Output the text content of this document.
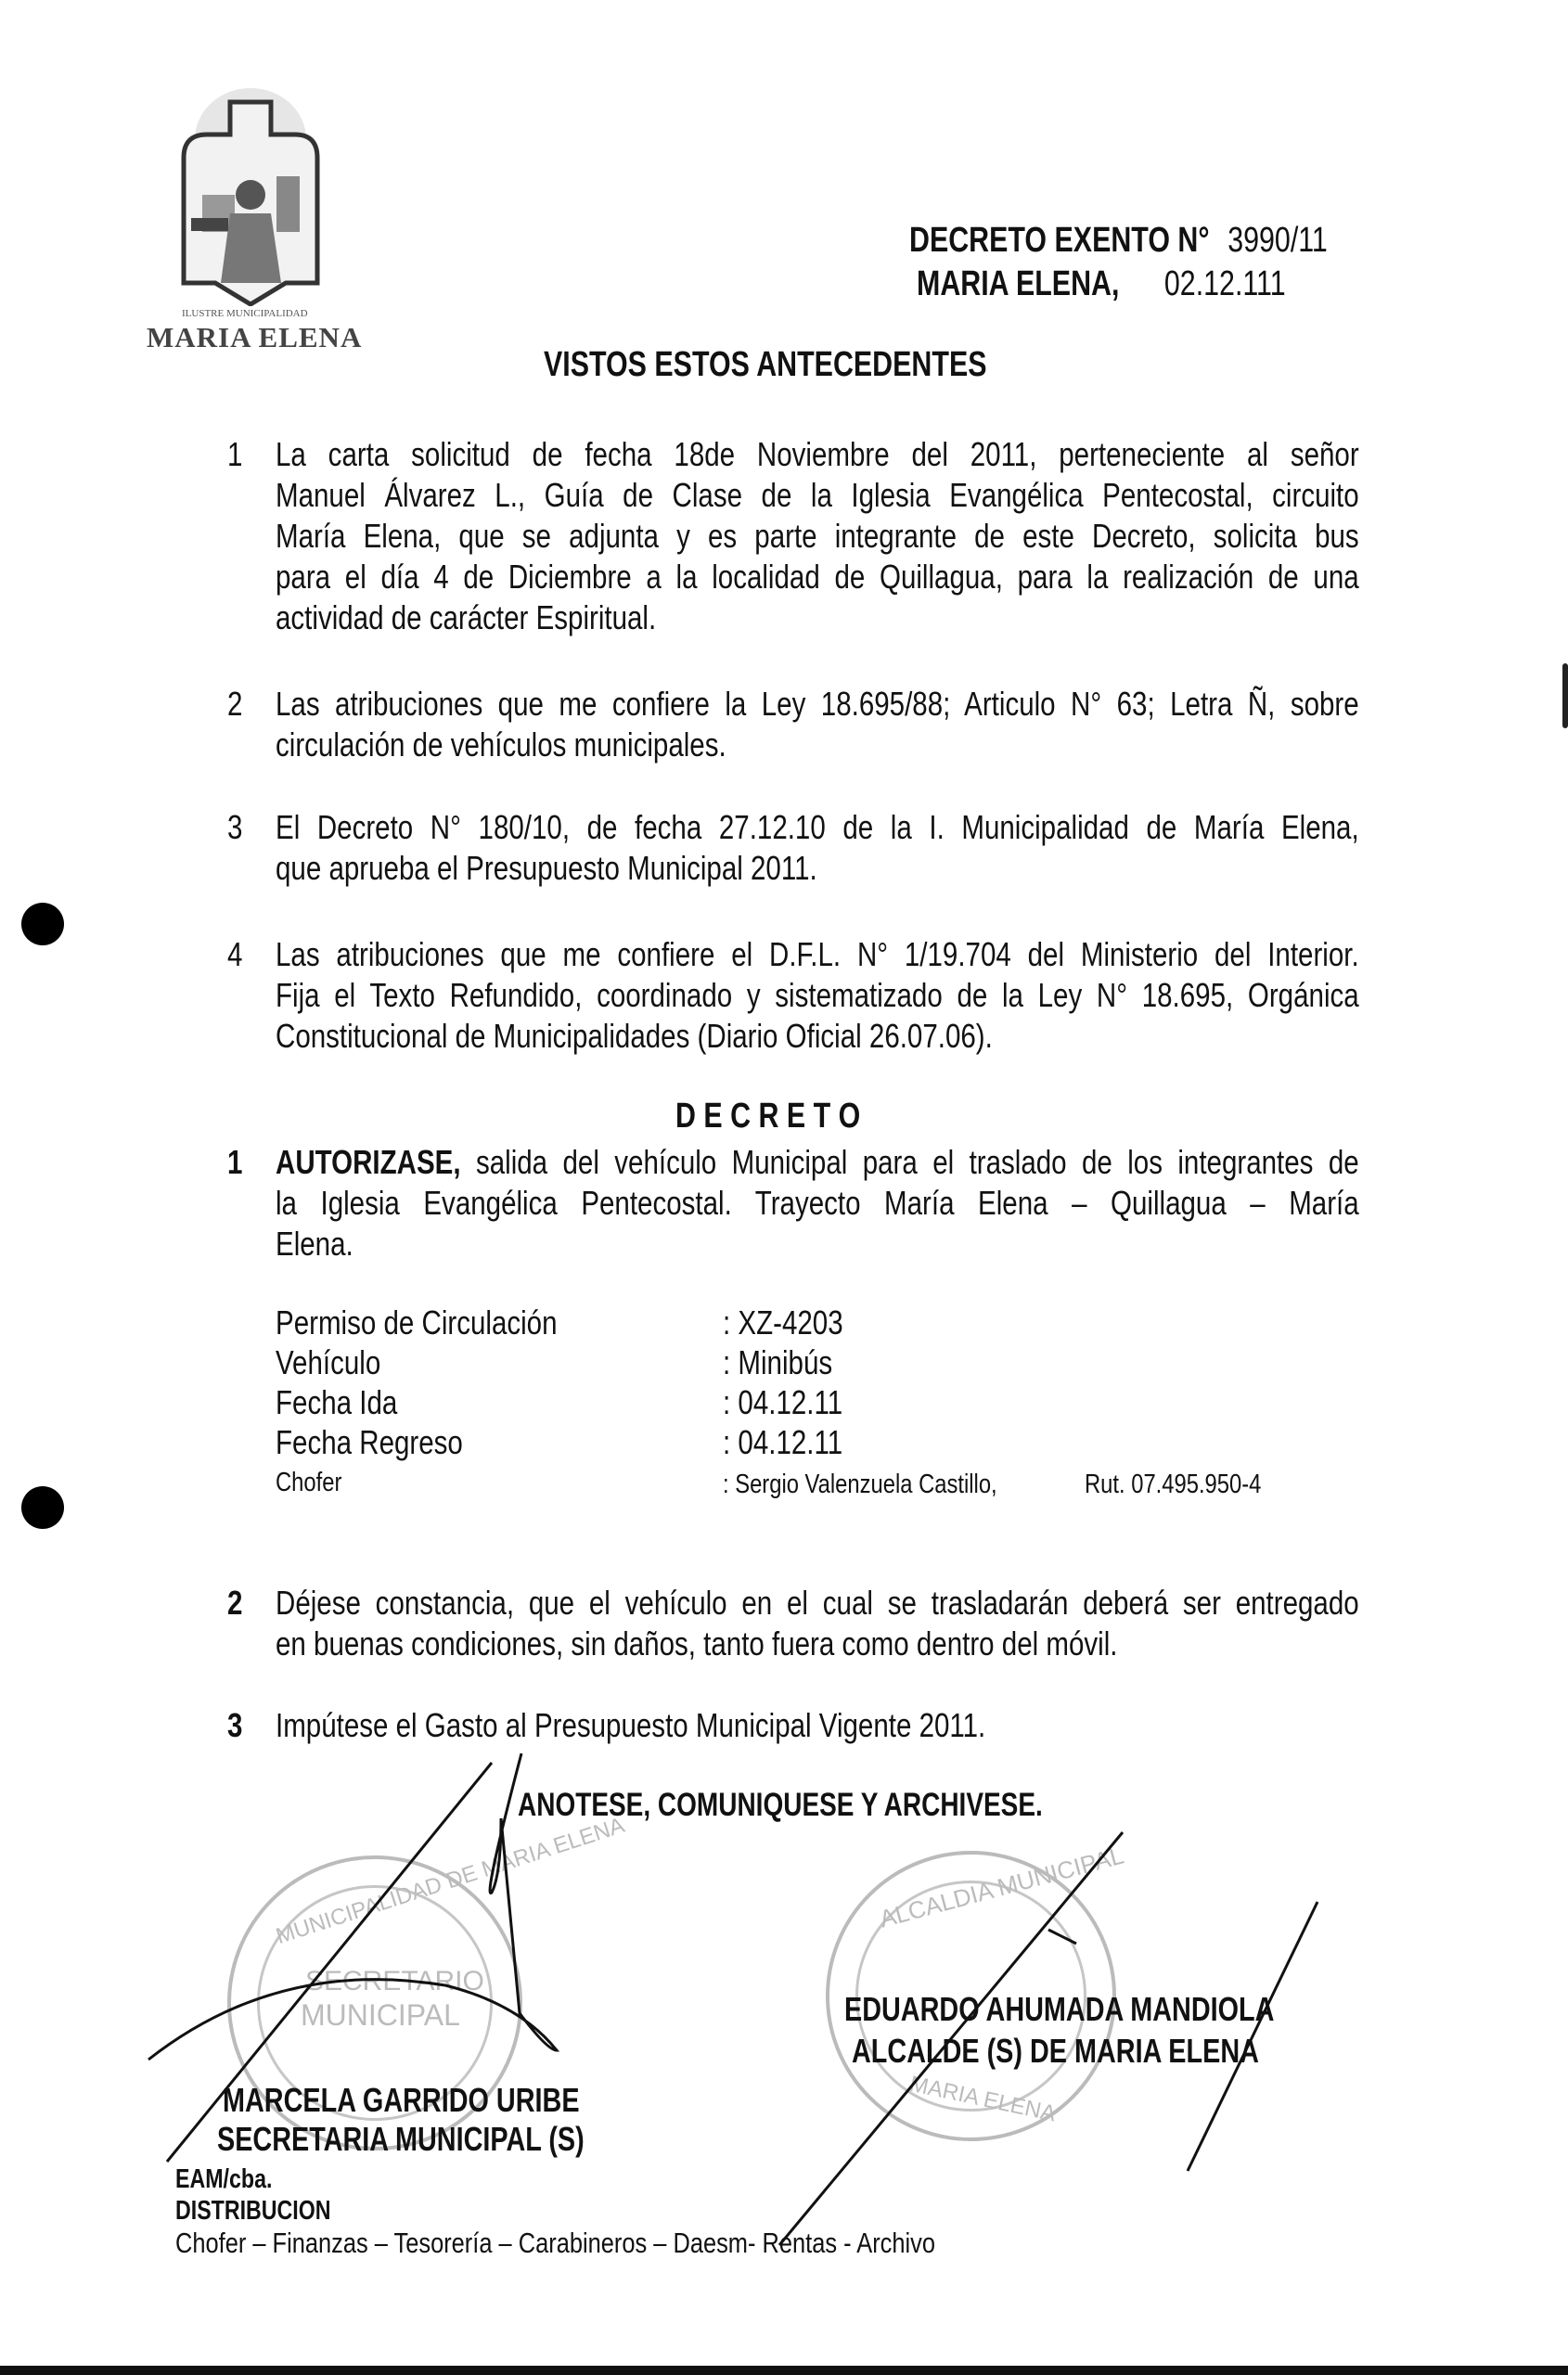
ILUSTRE MUNICIPALIDAD
MARIA ELENA
DECRETO EXENTO N° 3990/11
MARIA ELENA, 02.12.111
VISTOS ESTOS ANTECEDENTES
1 La carta solicitud de fecha 18de Noviembre del 2011, perteneciente al señor
Manuel Álvarez L., Guía de Clase de la Iglesia Evangélica Pentecostal, circuito
María Elena, que se adjunta y es parte integrante de este Decreto, solicita bus
para el día 4 de Diciembre a la localidad de Quillagua, para la realización de una
actividad de carácter Espiritual.
2 Las atribuciones que me confiere la Ley 18.695/88; Articulo N° 63; Letra Ñ, sobre
circulación de vehículos municipales.
3 El Decreto N° 180/10, de fecha 27.12.10 de la I. Municipalidad de María Elena,
que aprueba el Presupuesto Municipal 2011.
4 Las atribuciones que me confiere el D.F.L. N° 1/19.704 del Ministerio del Interior.
Fija el Texto Refundido, coordinado y sistematizado de la Ley N° 18.695, Orgánica
Constitucional de Municipalidades (Diario Oficial 26.07.06).
D E C R E T O
1 AUTORIZASE, salida del vehículo Municipal para el traslado de los integrantes de
la Iglesia Evangélica Pentecostal. Trayecto María Elena – Quillagua – María
Elena.
Permiso de Circulación	: XZ-4203
Vehículo	: Minibús
Fecha Ida	: 04.12.11
Fecha Regreso	: 04.12.11
Chofer	: Sergio Valenzuela Castillo,	Rut. 07.495.950-4
2 Déjese constancia, que el vehículo en el cual se trasladarán deberá ser entregado
en buenas condiciones, sin daños, tanto fuera como dentro del móvil.
3 Impútese el Gasto al Presupuesto Municipal Vigente 2011.
ANOTESE, COMUNIQUESE Y ARCHIVESE.
MUNICIPALIDAD DE MARIA ELENA
SECRETARIO
MUNICIPAL
ALCALDIA MUNICIPAL
MARIA ELENA
EDUARDO AHUMADA MANDIOLA
ALCALDE (S) DE MARIA ELENA
MARCELA GARRIDO URIBE
SECRETARIA MUNICIPAL (S)
EAM/cba.
DISTRIBUCION
Chofer – Finanzas – Tesorería – Carabineros – Daesm- Rentas - Archivo
